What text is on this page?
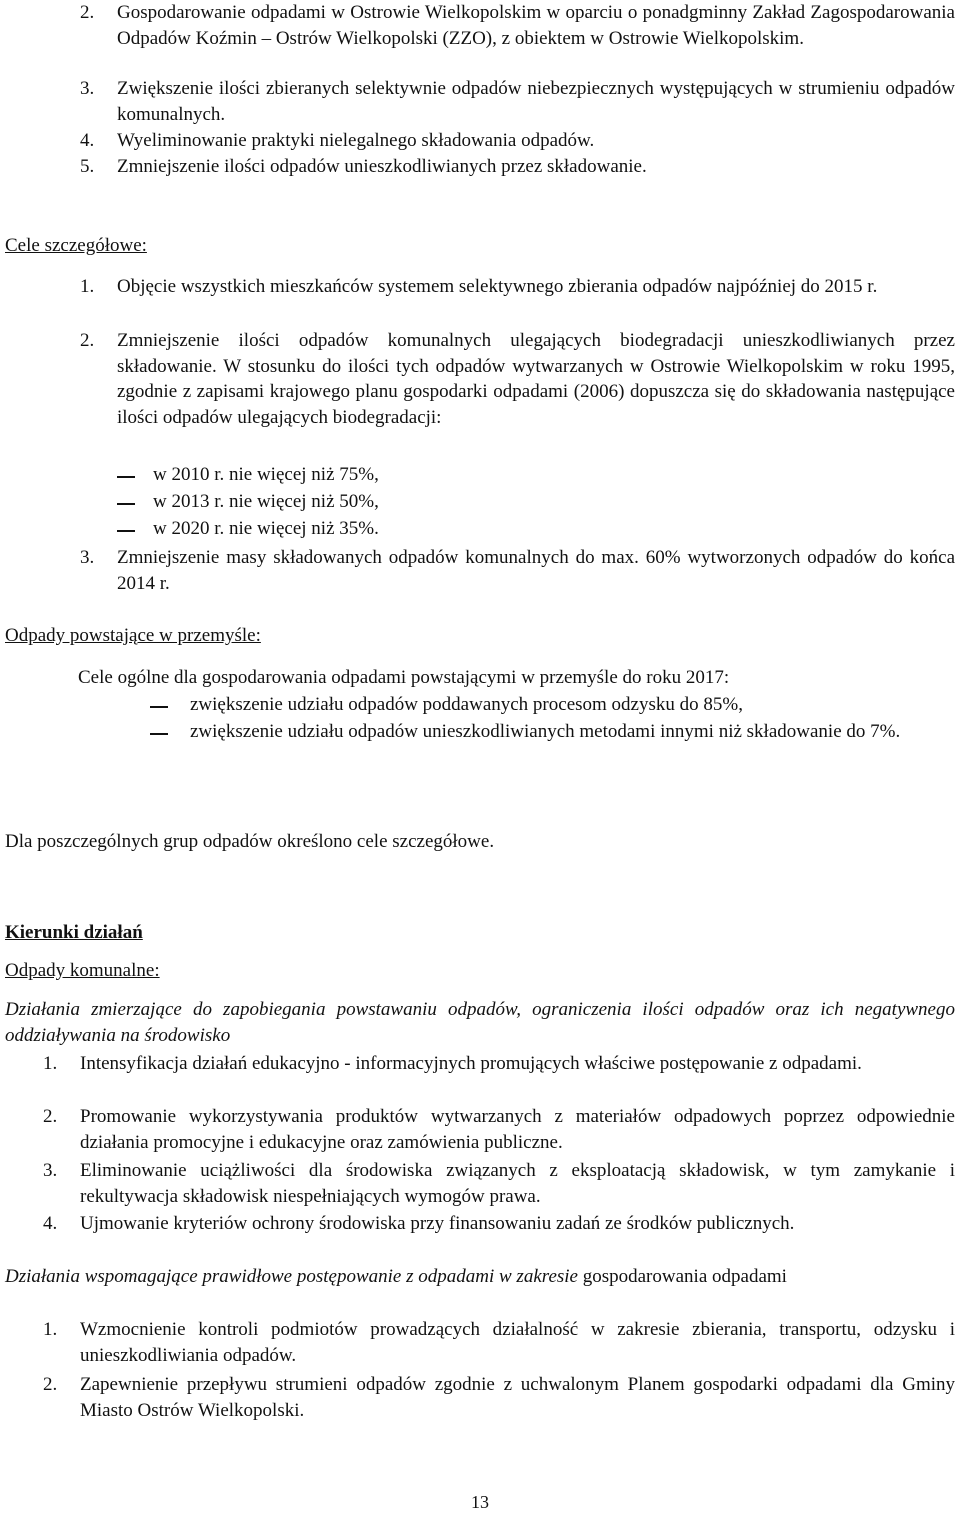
2. Gospodarowanie odpadami w Ostrowie Wielkopolskim w oparciu o ponadgminny Zakład Zagospodarowania Odpadów Koźmin – Ostrów Wielkopolski (ZZO), z obiektem w Ostrowie Wielkopolskim.
3. Zwiększenie ilości zbieranych selektywnie odpadów niebezpiecznych występujących w strumieniu odpadów komunalnych.
4. Wyeliminowanie praktyki nielegalnego składowania odpadów.
5. Zmniejszenie ilości odpadów unieszkodliwianych przez składowanie.
Cele szczegółowe:
1. Objęcie wszystkich mieszkańców systemem selektywnego zbierania odpadów najpóźniej do 2015 r.
2. Zmniejszenie ilości odpadów komunalnych ulegających biodegradacji unieszkodliwianych przez składowanie. W stosunku do ilości tych odpadów wytwarzanych w Ostrowie Wielkopolskim w roku 1995, zgodnie z zapisami krajowego planu gospodarki odpadami (2006) dopuszcza się do składowania następujące ilości odpadów ulegających biodegradacji:
w 2010 r. nie więcej niż 75%,
w 2013 r. nie więcej niż 50%,
w 2020 r. nie więcej niż 35%.
3. Zmniejszenie masy składowanych odpadów komunalnych do max. 60% wytworzonych odpadów do końca 2014 r.
Odpady powstające w przemyśle:
Cele ogólne dla gospodarowania odpadami powstającymi w przemyśle do roku 2017:
zwiększenie udziału odpadów poddawanych procesom odzysku do 85%,
zwiększenie udziału odpadów unieszkodliwianych metodami innymi niż składowanie do 7%.
Dla poszczególnych grup odpadów określono cele szczegółowe.
Kierunki działań
Odpady komunalne:
Działania zmierzające do zapobiegania powstawaniu odpadów, ograniczenia ilości odpadów oraz ich negatywnego oddziaływania na środowisko
1. Intensyfikacja działań edukacyjno - informacyjnych promujących właściwe postępowanie z odpadami.
2. Promowanie wykorzystywania produktów wytwarzanych z materiałów odpadowych poprzez odpowiednie działania promocyjne i edukacyjne oraz zamówienia publiczne.
3. Eliminowanie uciążliwości dla środowiska związanych z eksploatacją składowisk, w tym zamykanie i rekultywacja składowisk niespełniających wymogów prawa.
4. Ujmowanie kryteriów ochrony środowiska przy finansowaniu zadań ze środków publicznych.
Działania wspomagające prawidłowe postępowanie z odpadami w zakresie gospodarowania odpadami
1. Wzmocnienie kontroli podmiotów prowadzących działalność w zakresie zbierania, transportu, odzysku i unieszkodliwiania odpadów.
2. Zapewnienie przepływu strumieni odpadów zgodnie z uchwalonym Planem gospodarki odpadami dla Gminy Miasto Ostrów Wielkopolski.
13
